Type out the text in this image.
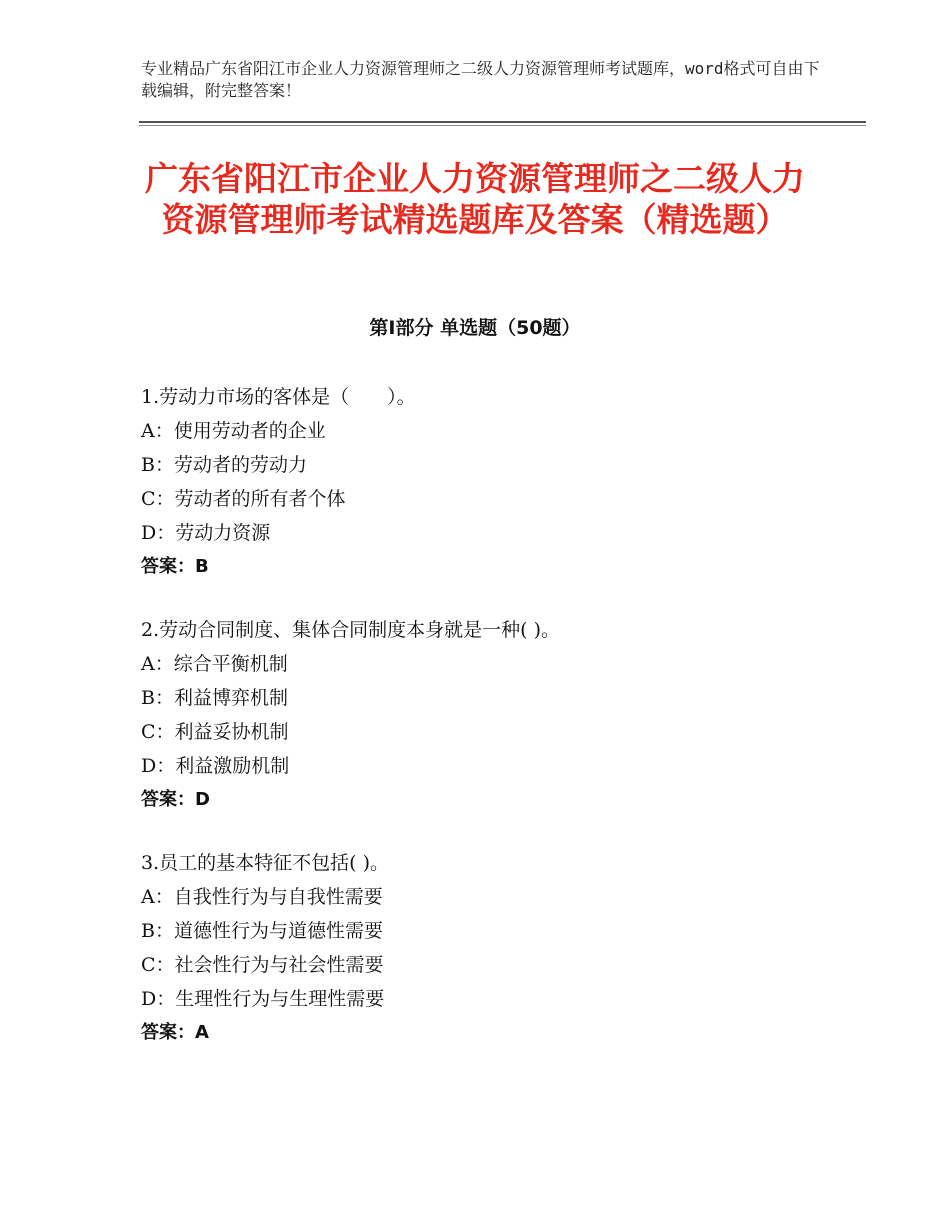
专业精品广东省阳江市企业人力资源管理师之二级人力资源管理师考试题库，word格式可自由下载编辑，附完整答案！
广东省阳江市企业人力资源管理师之二级人力资源管理师考试精选题库及答案（精选题）
第Ⅰ部分 单选题（50题）
1.劳动力市场的客体是（　　）。
A：使用劳动者的企业
B：劳动者的劳动力
C：劳动者的所有者个体
D：劳动力资源
答案：B
2.劳动合同制度、集体合同制度本身就是一种( )。
A：综合平衡机制
B：利益博弈机制
C：利益妥协机制
D：利益激励机制
答案：D
3.员工的基本特征不包括( )。
A：自我性行为与自我性需要
B：道德性行为与道德性需要
C：社会性行为与社会性需要
D：生理性行为与生理性需要
答案：A
